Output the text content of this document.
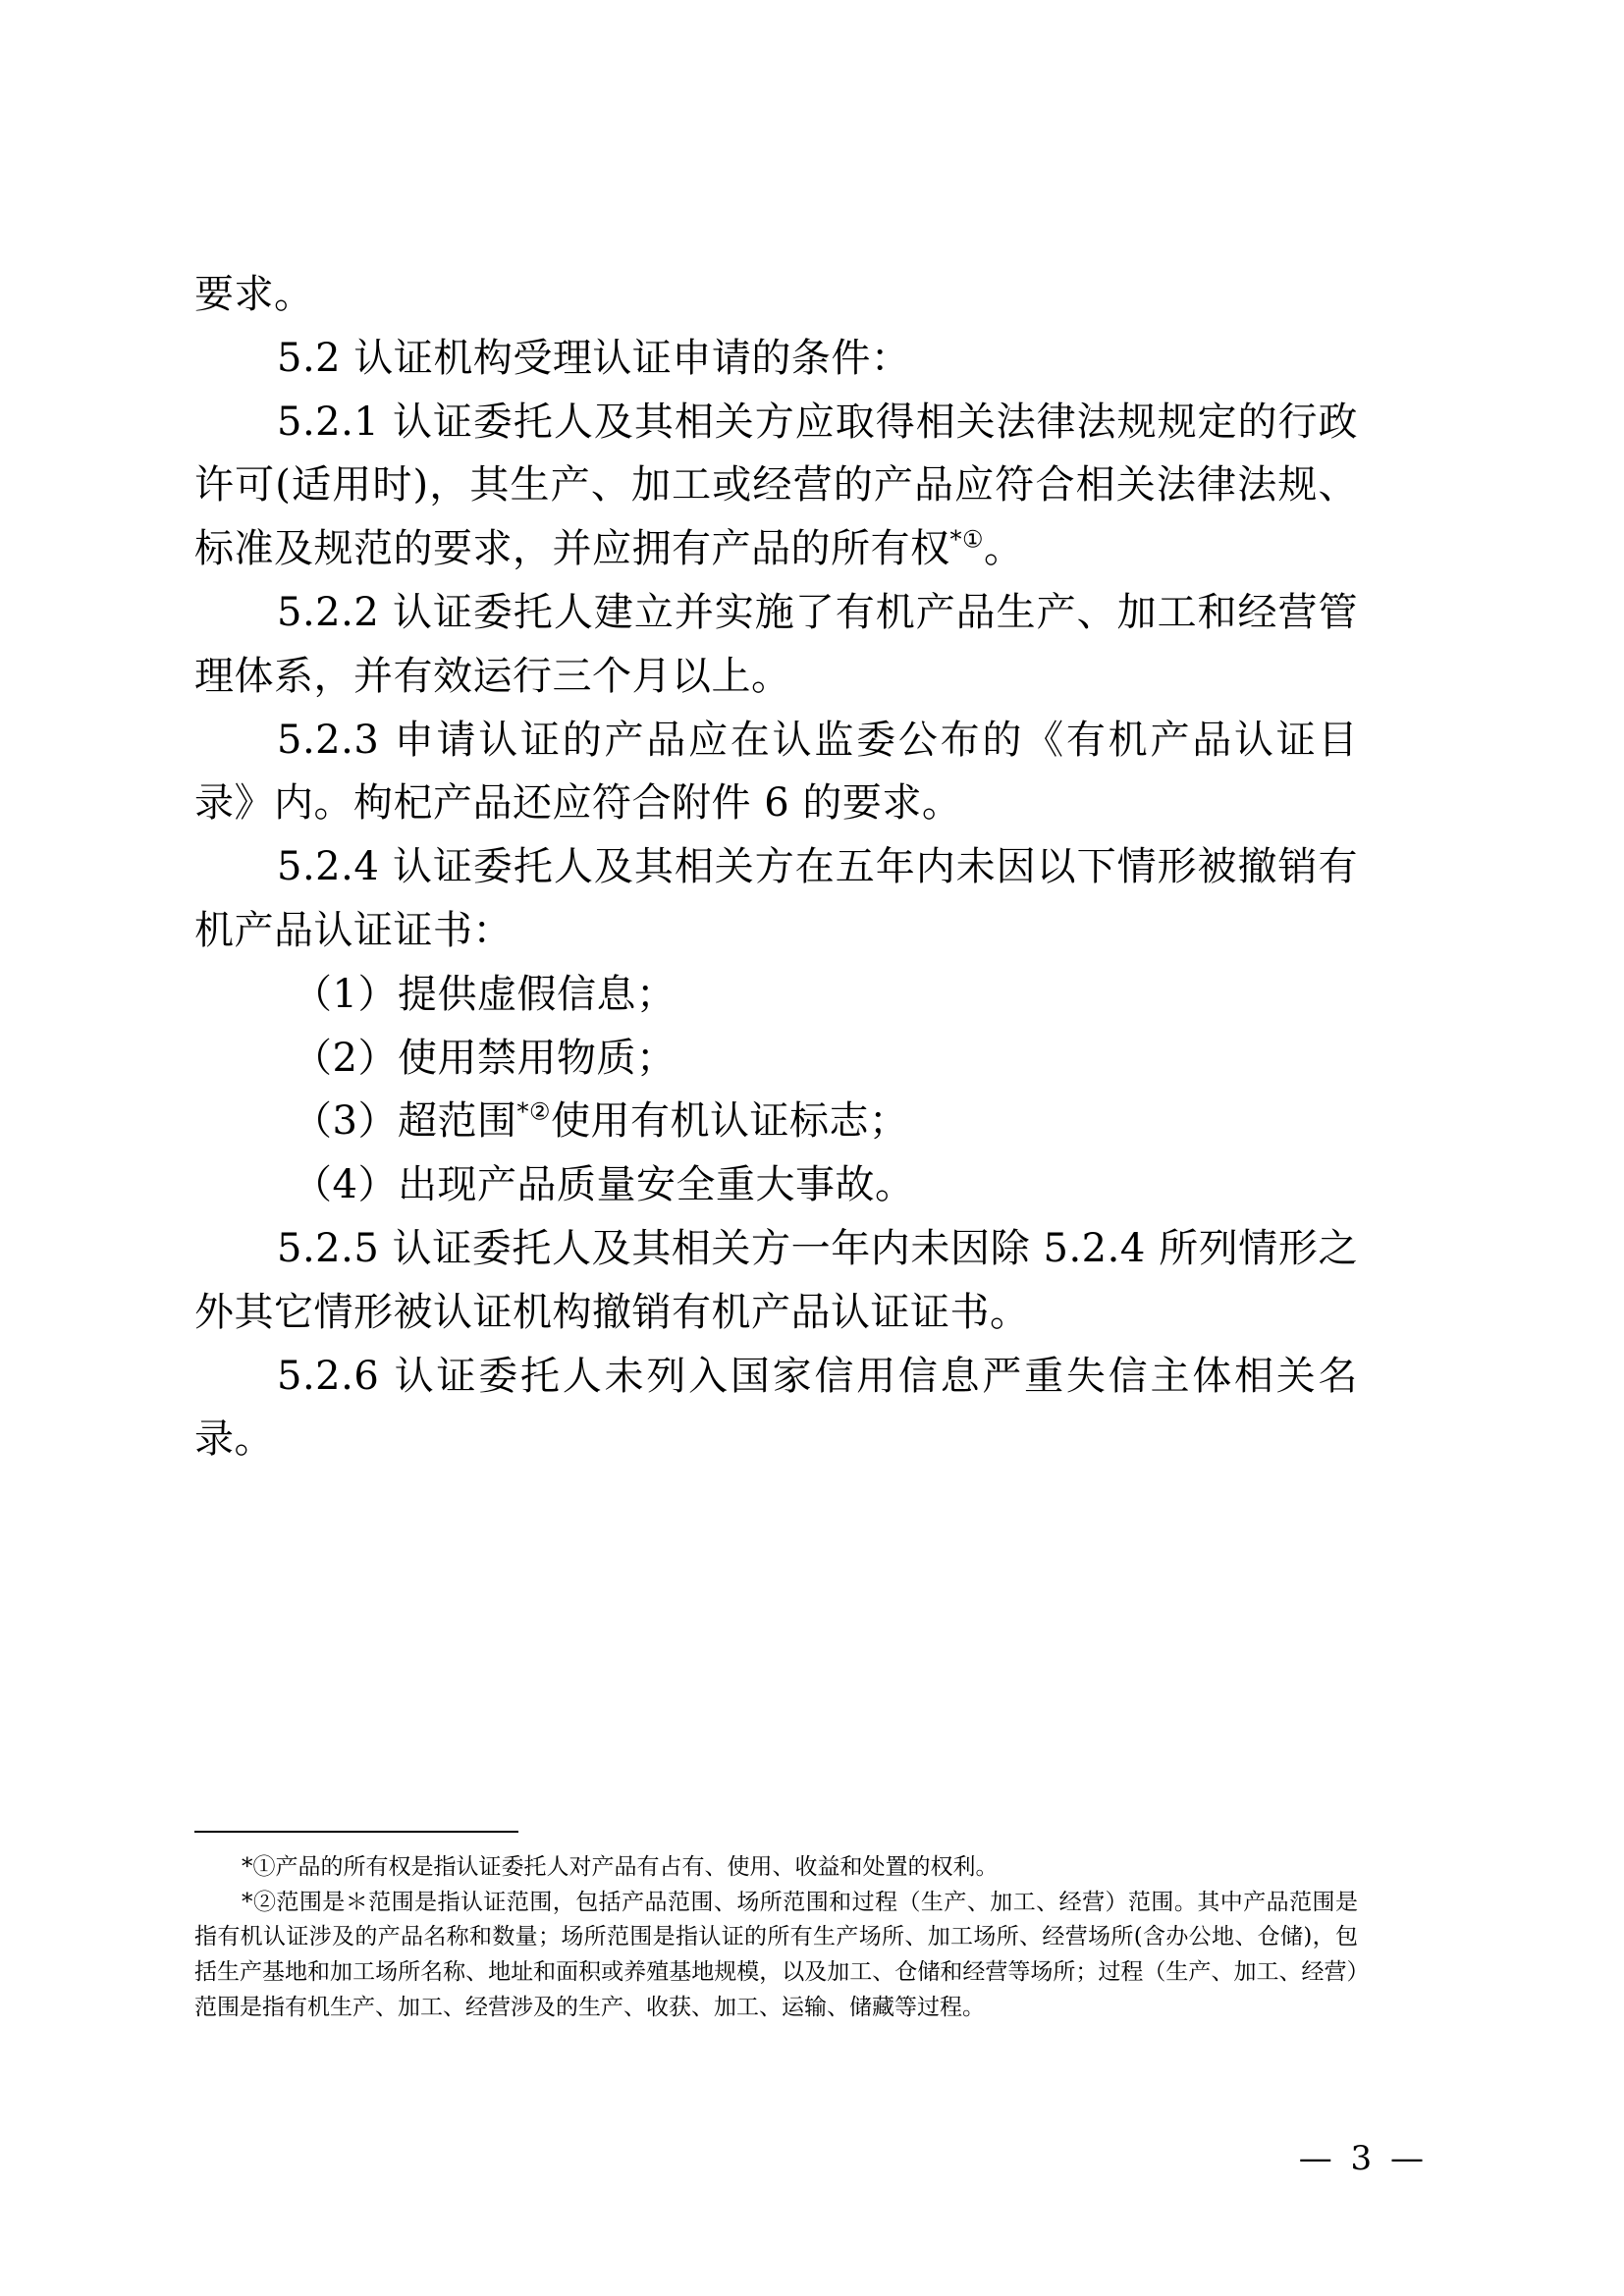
要求。

5.2 认证机构受理认证申请的条件：

5.2.1 认证委托人及其相关方应取得相关法律法规规定的行政许可(适用时)，其生产、加工或经营的产品应符合相关法律法规、标准及规范的要求，并应拥有产品的所有权*①。

5.2.2 认证委托人建立并实施了有机产品生产、加工和经营管理体系，并有效运行三个月以上。

5.2.3 申请认证的产品应在认监委公布的《有机产品认证目录》内。枸杞产品还应符合附件 6 的要求。

5.2.4 认证委托人及其相关方在五年内未因以下情形被撤销有机产品认证证书：

（1）提供虚假信息；

（2）使用禁用物质；

（3）超范围*②使用有机认证标志；

（4）出现产品质量安全重大事故。

5.2.5 认证委托人及其相关方一年内未因除 5.2.4 所列情形之外其它情形被认证机构撤销有机产品认证证书。

5.2.6 认证委托人未列入国家信用信息严重失信主体相关名录。

*①产品的所有权是指认证委托人对产品有占有、使用、收益和处置的权利。

*②范围是＊范围是指认证范围，包括产品范围、场所范围和过程（生产、加工、经营）范围。其中产品范围是指有机认证涉及的产品名称和数量；场所范围是指认证的所有生产场所、加工场所、经营场所(含办公地、仓储)，包括生产基地和加工场所名称、地址和面积或养殖基地规模，以及加工、仓储和经营等场所；过程（生产、加工、经营）范围是指有机生产、加工、经营涉及的生产、收获、加工、运输、储藏等过程。

— 3 —
